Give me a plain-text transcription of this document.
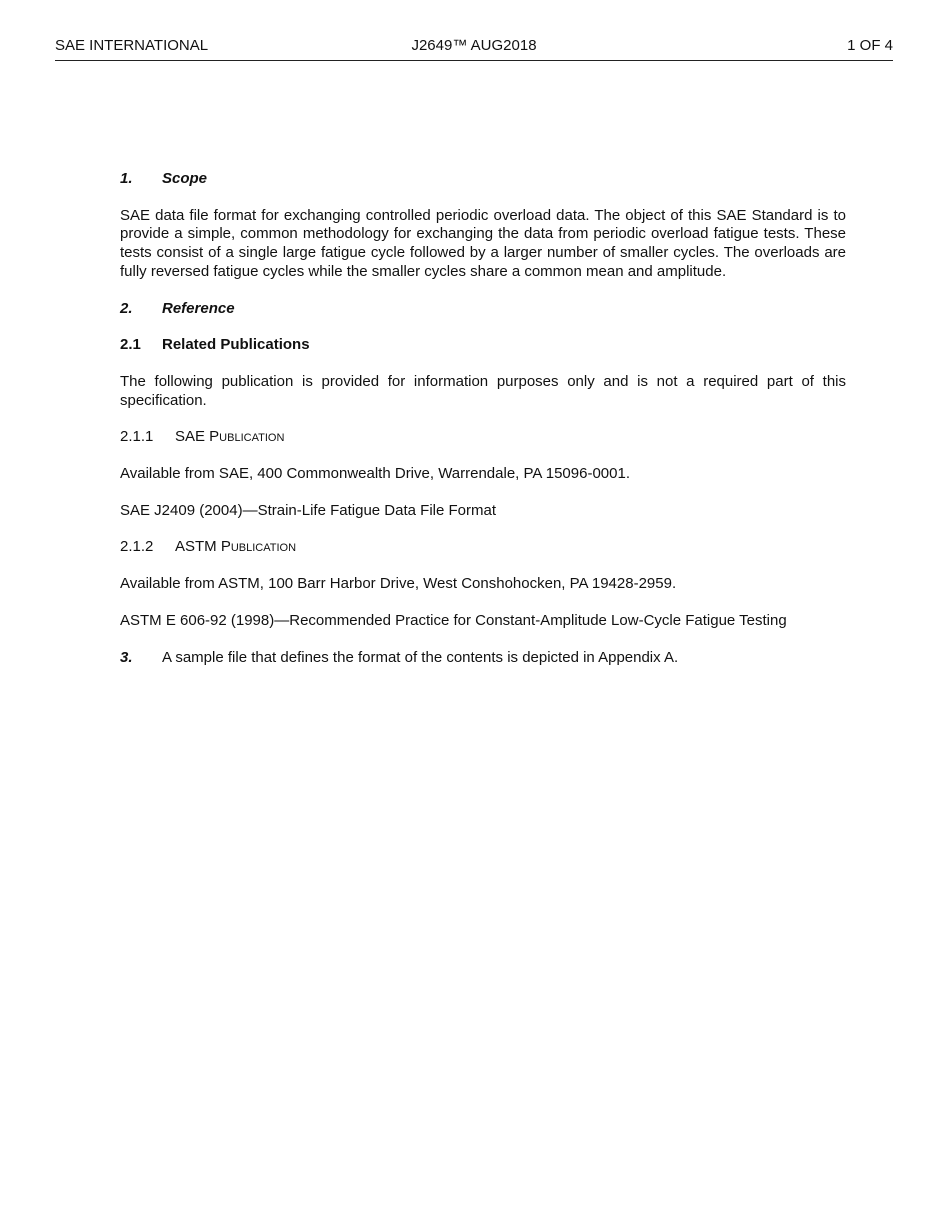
SAE INTERNATIONAL	J2649™ AUG2018	1 OF 4
1.	Scope

SAE data file format for exchanging controlled periodic overload data. The object of this SAE Standard is to provide a simple, common methodology for exchanging the data from periodic overload fatigue tests. These tests consist of a single large fatigue cycle followed by a larger number of smaller cycles. The overloads are fully reversed fatigue cycles while the smaller cycles share a common mean and amplitude.

2.	Reference
2.1	Related Publications

The following publication is provided for information purposes only and is not a required part of this specification.

2.1.1	SAE Publication

Available from SAE, 400 Commonwealth Drive, Warrendale, PA 15096-0001.

SAE J2409 (2004)—Strain-Life Fatigue Data File Format

2.1.2	ASTM Publication

Available from ASTM, 100 Barr Harbor Drive, West Conshohocken, PA 19428-2959.

ASTM E 606-92 (1998)—Recommended Practice for Constant-Amplitude Low-Cycle Fatigue Testing

3.	A sample file that defines the format of the contents is depicted in Appendix A.
